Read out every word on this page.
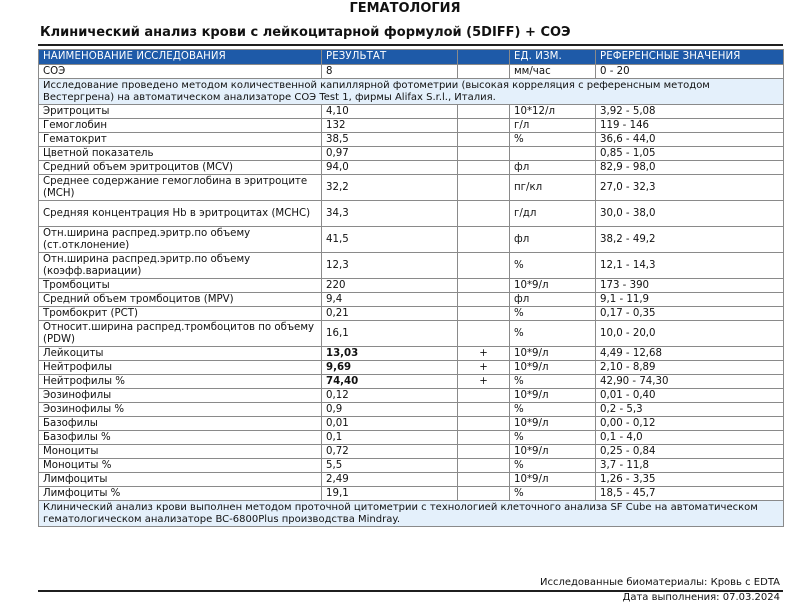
ГЕМАТОЛОГИЯ
Клинический анализ крови с лейкоцитарной формулой (5DIFF) + СОЭ
НАИМЕНОВАНИЕ ИССЛЕДОВАНИЯ	РЕЗУЛЬТАТ		ЕД. ИЗМ.	РЕФЕРЕНСНЫЕ ЗНАЧЕНИЯ
СОЭ	8		мм/час	0 - 20
Исследование проведено методом количественной капиллярной фотометрии (высокая корреляция с референсным методом Вестергрена) на автоматическом анализаторе СОЭ Test 1, фирмы Alifax S.r.l., Италия.				
Эритроциты	4,10		10*12/л	3,92 - 5,08
Гемоглобин	132		г/л	119 - 146
Гематокрит	38,5		%	36,6 - 44,0
Цветной показатель	0,97			0,85 - 1,05
Средний объем эритроцитов (MCV)	94,0		фл	82,9 - 98,0
Среднее содержание гемоглобина в эритроците (MCH)	32,2		пг/кл	27,0 - 32,3
Средняя концентрация Hb в эритроцитах (MCHC)	34,3		г/дл	30,0 - 38,0
Отн.ширина распред.эритр.по объему (ст.отклонение)	41,5		фл	38,2 - 49,2
Отн.ширина распред.эритр.по объему (коэфф.вариации)	12,3		%	12,1 - 14,3
Тромбоциты	220		10*9/л	173 - 390
Средний объем тромбоцитов (MPV)	9,4		фл	9,1 - 11,9
Тромбокрит (PCT)	0,21		%	0,17 - 0,35
Относит.ширина распред.тромбоцитов по объему (PDW)	16,1		%	10,0 - 20,0
Лейкоциты	13,03	+	10*9/л	4,49 - 12,68
Нейтрофилы	9,69	+	10*9/л	2,10 - 8,89
Нейтрофилы %	74,40	+	%	42,90 - 74,30
Эозинофилы	0,12		10*9/л	0,01 - 0,40
Эозинофилы %	0,9		%	0,2 - 5,3
Базофилы	0,01		10*9/л	0,00 - 0,12
Базофилы %	0,1		%	0,1 - 4,0
Моноциты	0,72		10*9/л	0,25 - 0,84
Моноциты %	5,5		%	3,7 - 11,8
Лимфоциты	2,49		10*9/л	1,26 - 3,35
Лимфоциты %	19,1		%	18,5 - 45,7
Клинический анализ крови выполнен методом проточной цитометрии с технологией клеточного анализа SF Cube на автоматическом гематологическом анализаторе BC-6800Plus производства Mindray.				
Исследованные биоматериалы: Кровь с EDTA
Дата выполнения: 07.03.2024
